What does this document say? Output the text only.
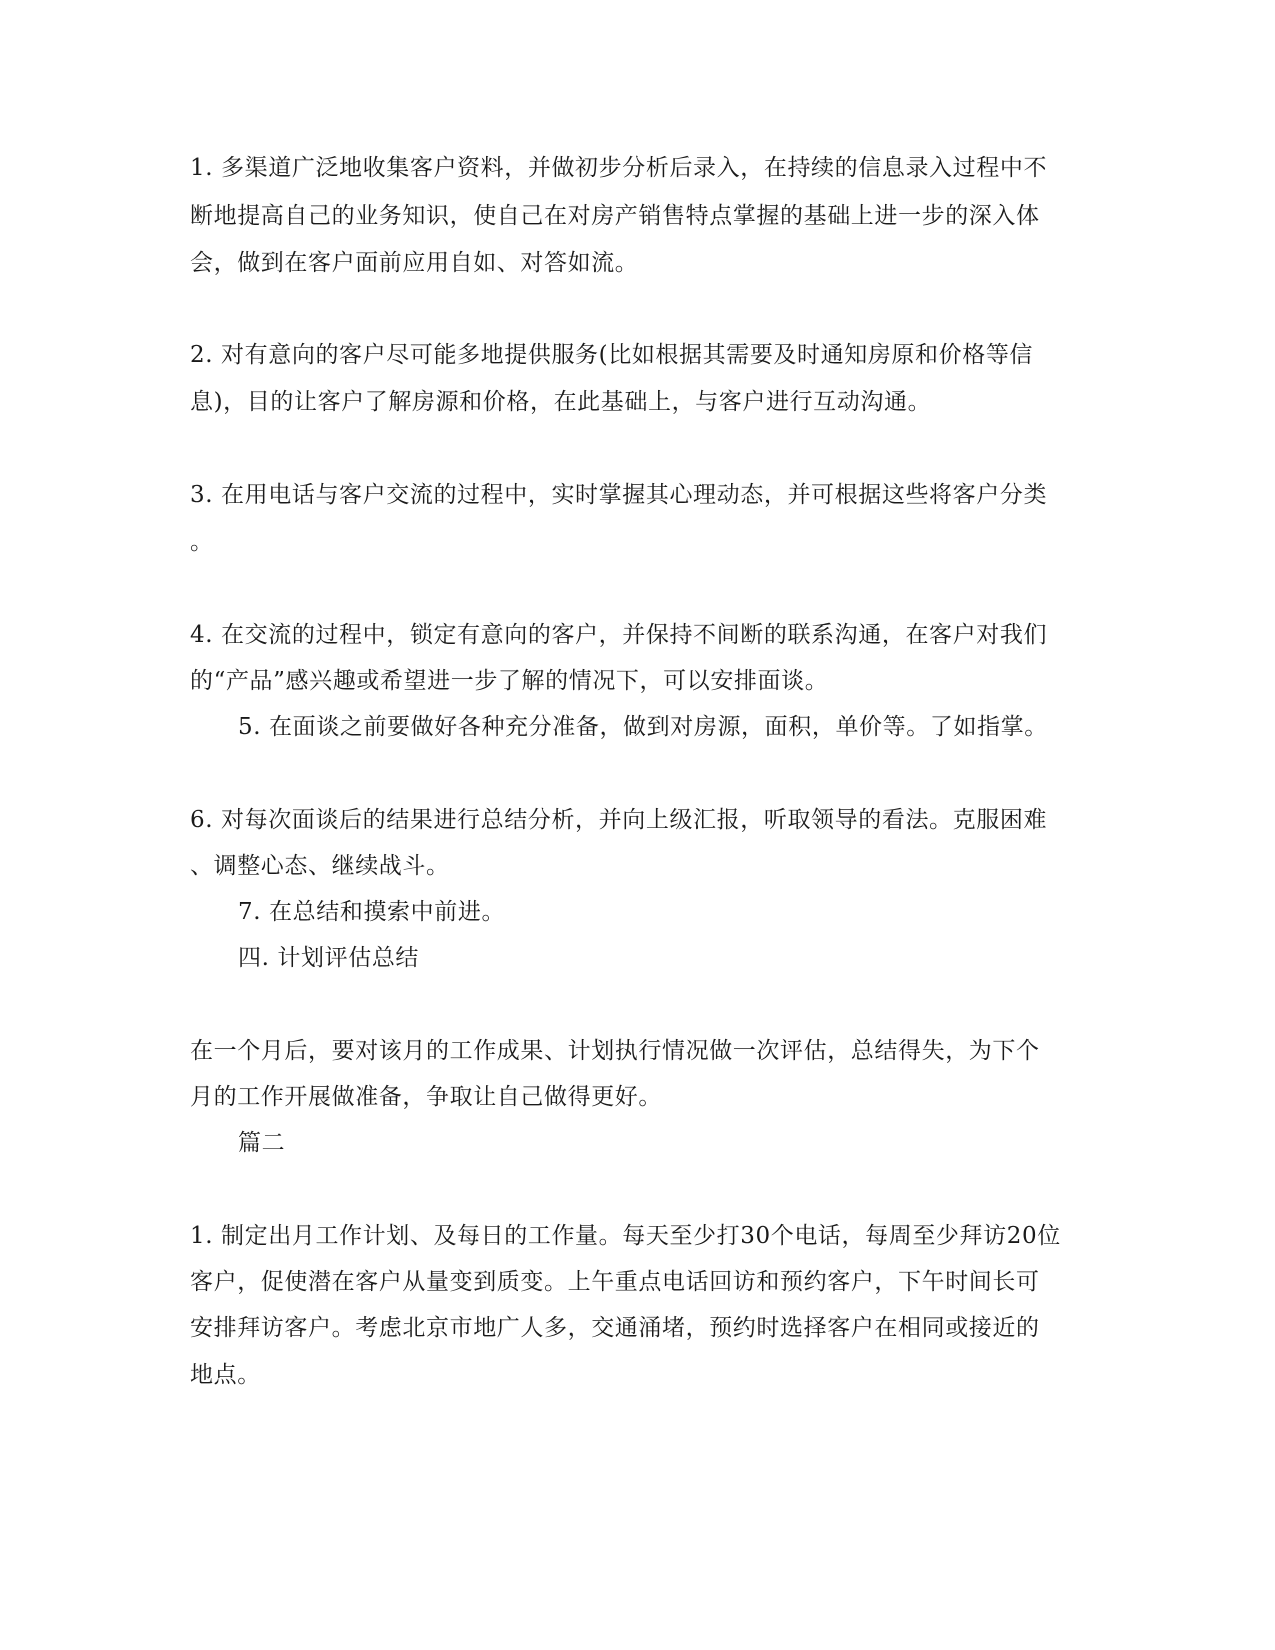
1. 多渠道广泛地收集客户资料，并做初步分析后录入，在持续的信息录入过程中不
断地提高自己的业务知识，使自己在对房产销售特点掌握的基础上进一步的深入体
会，做到在客户面前应用自如、对答如流。
2. 对有意向的客户尽可能多地提供服务(比如根据其需要及时通知房原和价格等信
息)，目的让客户了解房源和价格，在此基础上，与客户进行互动沟通。
3. 在用电话与客户交流的过程中，实时掌握其心理动态，并可根据这些将客户分类
。
4. 在交流的过程中，锁定有意向的客户，并保持不间断的联系沟通，在客户对我们
的“产品”感兴趣或希望进一步了解的情况下，可以安排面谈。
5. 在面谈之前要做好各种充分准备，做到对房源，面积，单价等。了如指掌。
6. 对每次面谈后的结果进行总结分析，并向上级汇报，听取领导的看法。克服困难
、调整心态、继续战斗。
7. 在总结和摸索中前进。
四. 计划评估总结
在一个月后，要对该月的工作成果、计划执行情况做一次评估，总结得失，为下个
月的工作开展做准备，争取让自己做得更好。
篇二
1. 制定出月工作计划、及每日的工作量。每天至少打30个电话，每周至少拜访20位
客户，促使潜在客户从量变到质变。上午重点电话回访和预约客户，下午时间长可
安排拜访客户。考虑北京市地广人多，交通涌堵，预约时选择客户在相同或接近的
地点。
